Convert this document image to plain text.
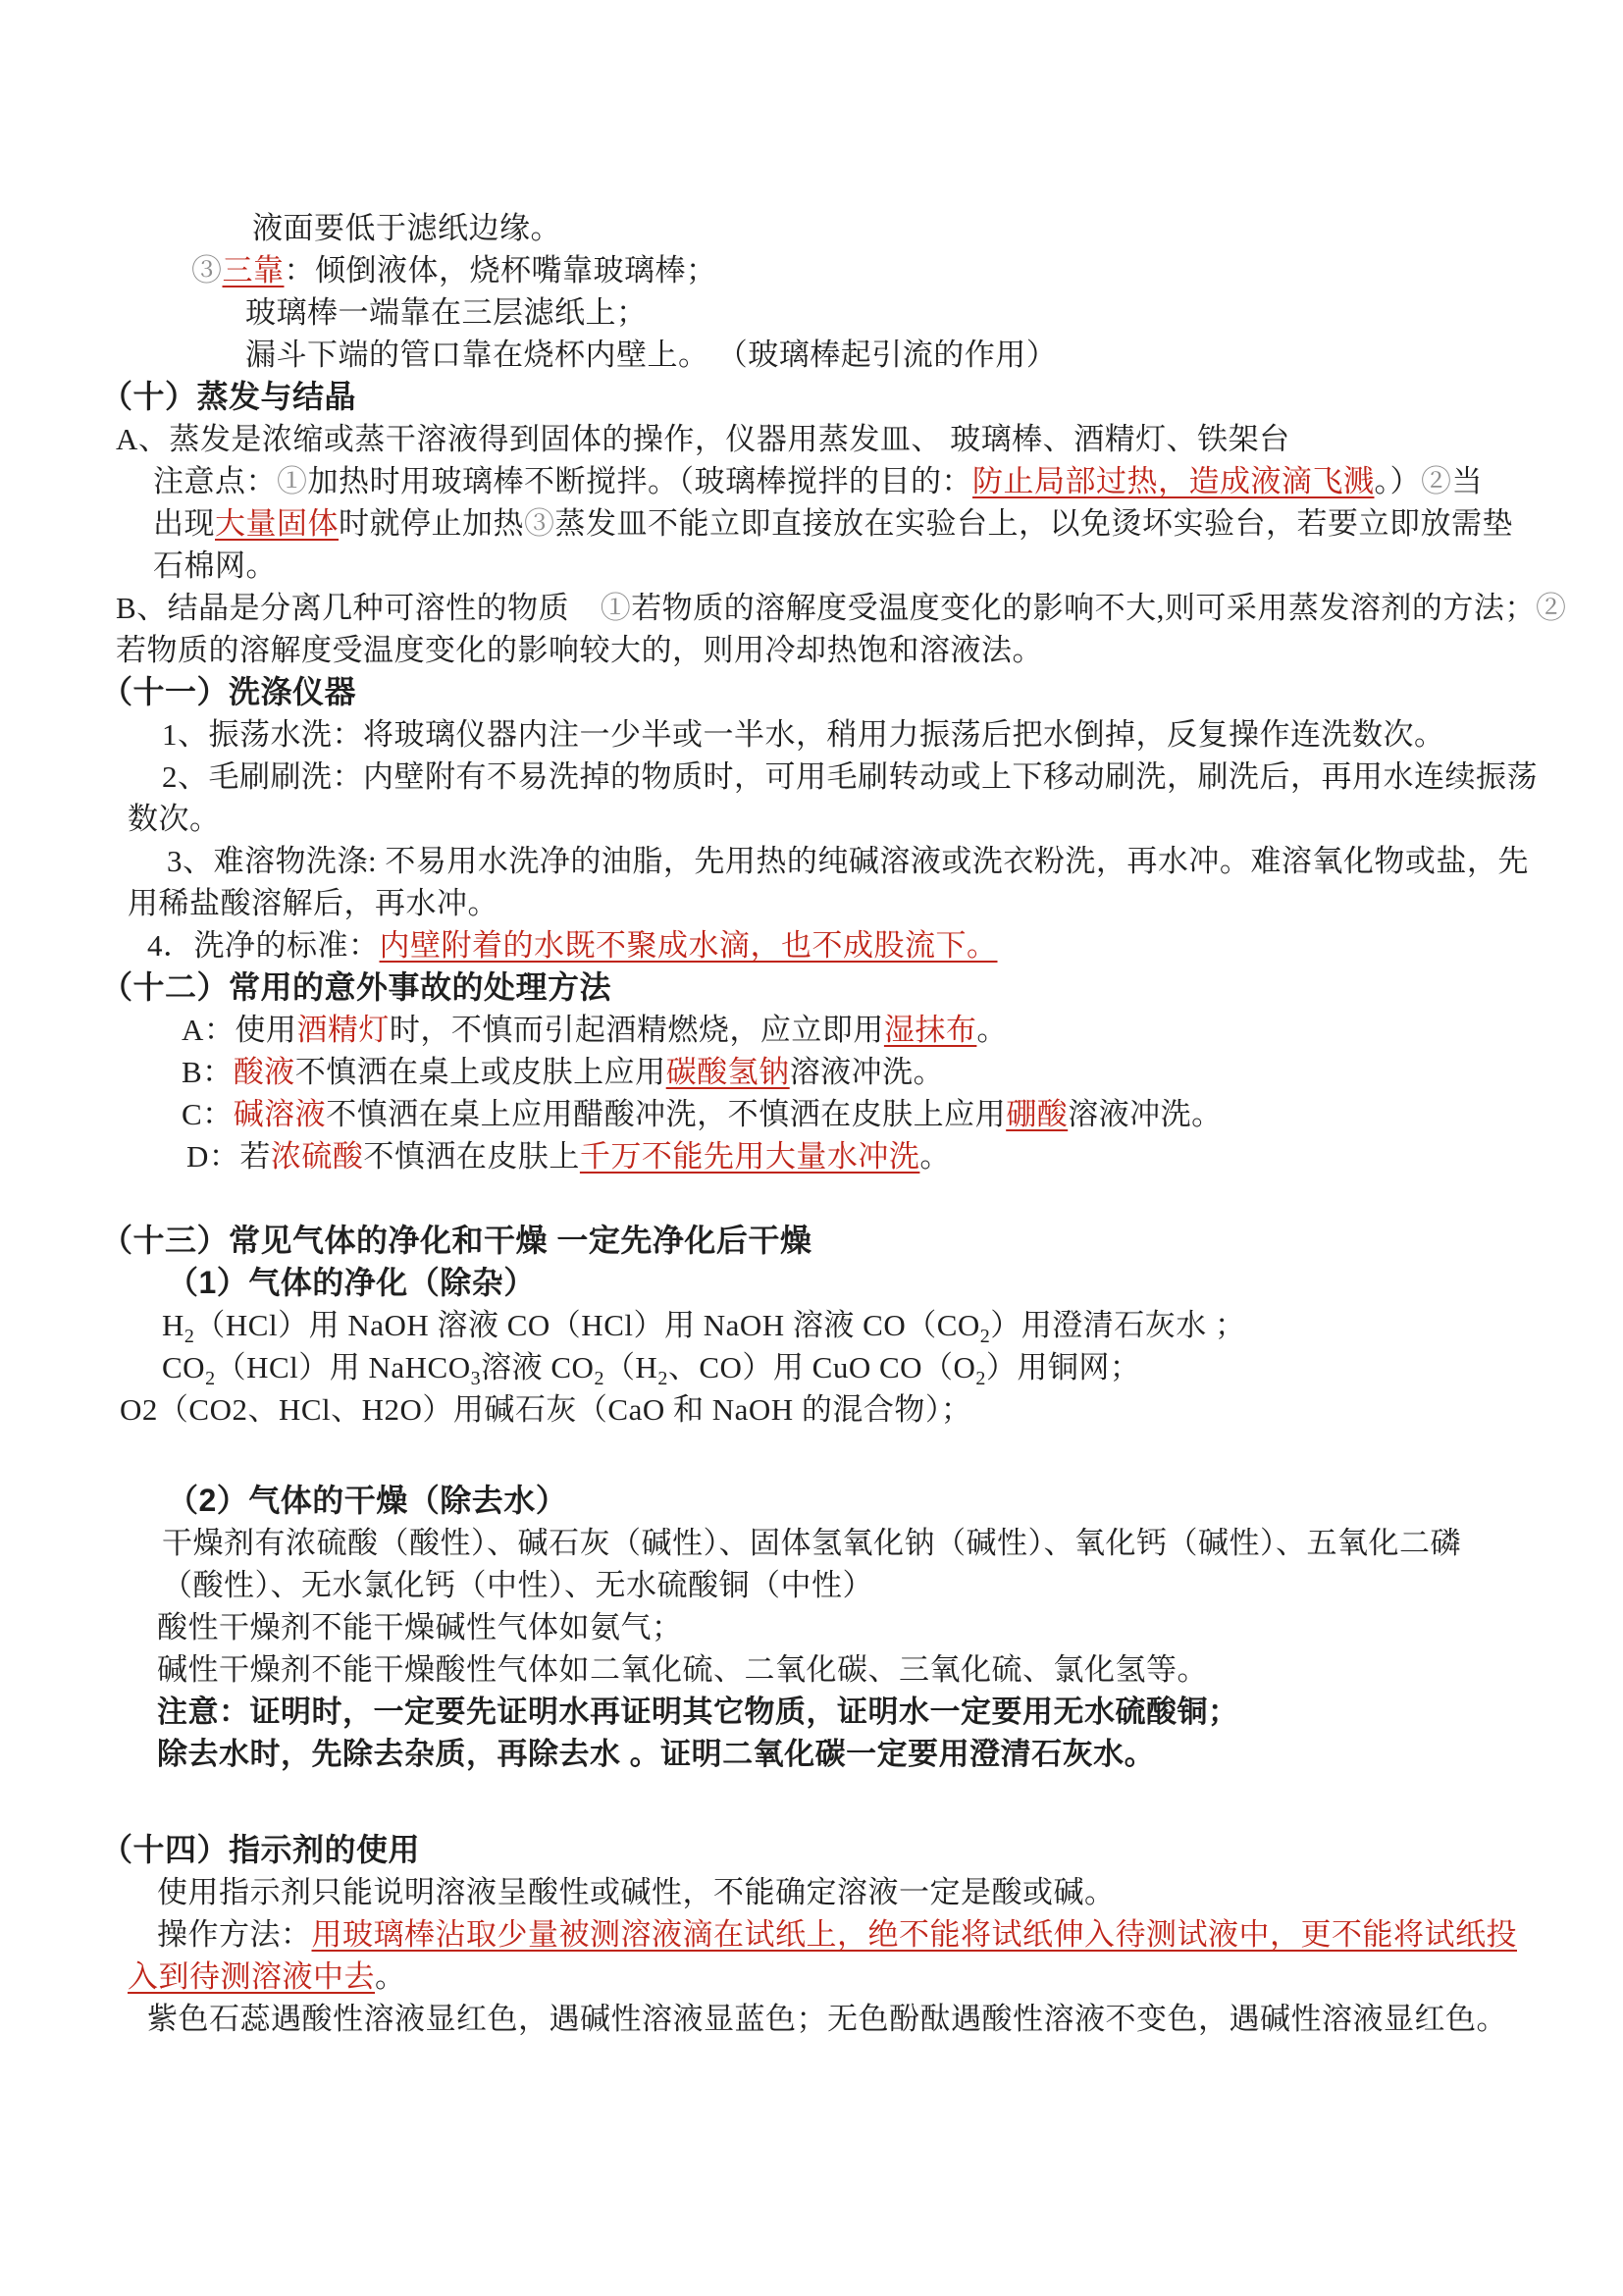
液面要低于滤纸边缘。
③三靠：倾倒液体，烧杯嘴靠玻璃棒；
玻璃棒一端靠在三层滤纸上；
漏斗下端的管口靠在烧杯内壁上。 （玻璃棒起引流的作用）
（十）蒸发与结晶
A、蒸发是浓缩或蒸干溶液得到固体的操作，仪器用蒸发皿、 玻璃棒、酒精灯、铁架台
注意点：①加热时用玻璃棒不断搅拌。（玻璃棒搅拌的目的：防止局部过热，造成液滴飞溅。）②当
出现大量固体时就停止加热③蒸发皿不能立即直接放在实验台上，以免烫坏实验台，若要立即放需垫
石棉网。
B、结晶是分离几种可溶性的物质　①若物质的溶解度受温度变化的影响不大,则可采用蒸发溶剂的方法；②
若物质的溶解度受温度变化的影响较大的，则用冷却热饱和溶液法。
（十一）洗涤仪器
1、振荡水洗：将玻璃仪器内注一少半或一半水，稍用力振荡后把水倒掉，反复操作连洗数次。
2、毛刷刷洗：内壁附有不易洗掉的物质时，可用毛刷转动或上下移动刷洗，刷洗后，再用水连续振荡
数次。
3、难溶物洗涤: 不易用水洗净的油脂，先用热的纯碱溶液或洗衣粉洗，再水冲。难溶氧化物或盐，先
用稀盐酸溶解后，再水冲。
4．洗净的标准：内壁附着的水既不聚成水滴，也不成股流下。
（十二）常用的意外事故的处理方法
A：使用酒精灯时，不慎而引起酒精燃烧，应立即用湿抹布。
B：酸液不慎洒在桌上或皮肤上应用碳酸氢钠溶液冲洗。
C：碱溶液不慎洒在桌上应用醋酸冲洗，不慎洒在皮肤上应用硼酸溶液冲洗。
D：若浓硫酸不慎洒在皮肤上千万不能先用大量水冲洗。
（十三）常见气体的净化和干燥 一定先净化后干燥
（1）气体的净化（除杂）
$H_2(HCl)$用 NaOH 溶液 CO（HCl）用 NaOH 溶液 $CO(CO_2)$用澄清石灰水 ；
$CO_2(HCl)$用 NaHCO$_3$溶液 $CO_2(H_2$、CO）用 CuO $CO(O_2)$用铜网；
O2（CO2、HCl、H2O）用碱石灰（CaO 和 NaOH 的混合物）；
（2）气体的干燥（除去水）
干燥剂有浓硫酸（酸性）、碱石灰（碱性）、固体氢氧化钠（碱性）、氧化钙（碱性）、五氧化二磷
（酸性）、无水氯化钙（中性）、无水硫酸铜（中性）
酸性干燥剂不能干燥碱性气体如氨气；
碱性干燥剂不能干燥酸性气体如二氧化硫、二氧化碳、三氧化硫、氯化氢等。
注意：证明时，一定要先证明水再证明其它物质，证明水一定要用无水硫酸铜；
除去水时，先除去杂质，再除去水 。证明二氧化碳一定要用澄清石灰水。
（十四）指示剂的使用
使用指示剂只能说明溶液呈酸性或碱性，不能确定溶液一定是酸或碱。
操作方法：用玻璃棒沾取少量被测溶液滴在试纸上，绝不能将试纸伸入待测试液中，更不能将试纸投
入到待测溶液中去。
紫色石蕊遇酸性溶液显红色，遇碱性溶液显蓝色；无色酚酞遇酸性溶液不变色，遇碱性溶液显红色。
